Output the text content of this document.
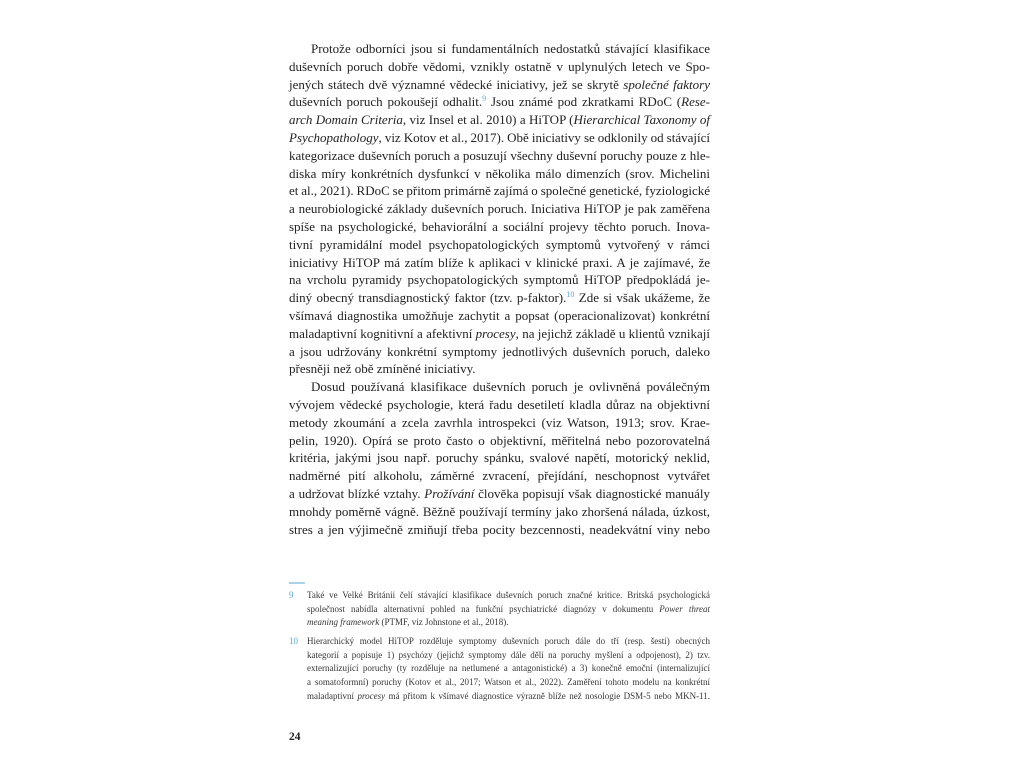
Protože odborníci jsou si fundamentálních nedostatků stávající klasifikace
duševních poruch dobře vědomi, vznikly ostatně v uplynulých letech ve Spo-
jených státech dvě významné vědecké iniciativy, jež se skrytě společné faktory
duševních poruch pokoušejí odhalit.$^9$ Jsou známé pod zkratkami RDoC (Rese-
arch Domain Criteria, viz Insel et al. 2010) a HiTOP (Hierarchical Taxonomy of
Psychopathology, viz Kotov et al., 2017). Obě iniciativy se odklonily od stávající
kategorizace duševních poruch a posuzují všechny duševní poruchy pouze z hle-
diska míry konkrétních dysfunkcí v několika málo dimenzích (srov. Michelini
et al., 2021). RDoC se přitom primárně zajímá o společné genetické, fyziologické
a neurobiologické základy duševních poruch. Iniciativa HiTOP je pak zaměřena
spíše na psychologické, behaviorální a sociální projevy těchto poruch. Inova-
tivní pyramidální model psychopatologických symptomů vytvořený v rámci
iniciativy HiTOP má zatím blíže k aplikaci v klinické praxi. A je zajímavé, že
na vrcholu pyramidy psychopatologických symptomů HiTOP předpokládá je-
diný obecný transdiagnostický faktor (tzv. p-faktor).$^{10}$ Zde si však ukážeme, že
všímavá diagnostika umožňuje zachytit a popsat (operacionalizovat) konkrétní
maladaptivní kognitivní a afektivní procesy, na jejichž základě u klientů vznikají
a jsou udržovány konkrétní symptomy jednotlivých duševních poruch, daleko
přesněji než obě zmíněné iniciativy.
Dosud používaná klasifikace duševních poruch je ovlivněná poválečným
vývojem vědecké psychologie, která řadu desetiletí kladla důraz na objektivní
metody zkoumání a zcela zavrhla introspekci (viz Watson, 1913; srov. Krae-
pelin, 1920). Opírá se proto často o objektivní, měřitelná nebo pozorovatelná
kritéria, jakými jsou např. poruchy spánku, svalové napětí, motorický neklid,
nadměrné pití alkoholu, záměrné zvracení, přejídání, neschopnost vytvářet
a udržovat blízké vztahy. Prožívání člověka popisují však diagnostické manuály
mnohdy poměrně vágně. Běžně používají termíny jako zhoršená nálada, úzkost,
stres a jen výjimečně zmiňují třeba pocity bezcennosti, neadekvátní viny nebo
9 Také ve Velké Británii čelí stávající klasifikace duševních poruch značné kritice. Britská psychologická
společnost nabídla alternativní pohled na funkční psychiatrické diagnózy v dokumentu Power threat
meaning framework (PTMF, viz Johnstone et al., 2018).
10 Hierarchický model HiTOP rozděluje symptomy duševních poruch dále do tří (resp. šesti) obecných
kategorií a popisuje 1) psychózy (jejichž symptomy dále dělí na poruchy myšlení a odpojenost), 2) tzv.
externalizující poruchy (ty rozděluje na netlumené a antagonistické) a 3) konečně emoční (internalizující
a somatoformní) poruchy (Kotov et al., 2017; Watson et al., 2022). Zaměření tohoto modelu na konkrétní
maladaptivní procesy má přitom k všímavé diagnostice výrazně blíže než nosologie DSM-5 nebo MKN-11.
24
